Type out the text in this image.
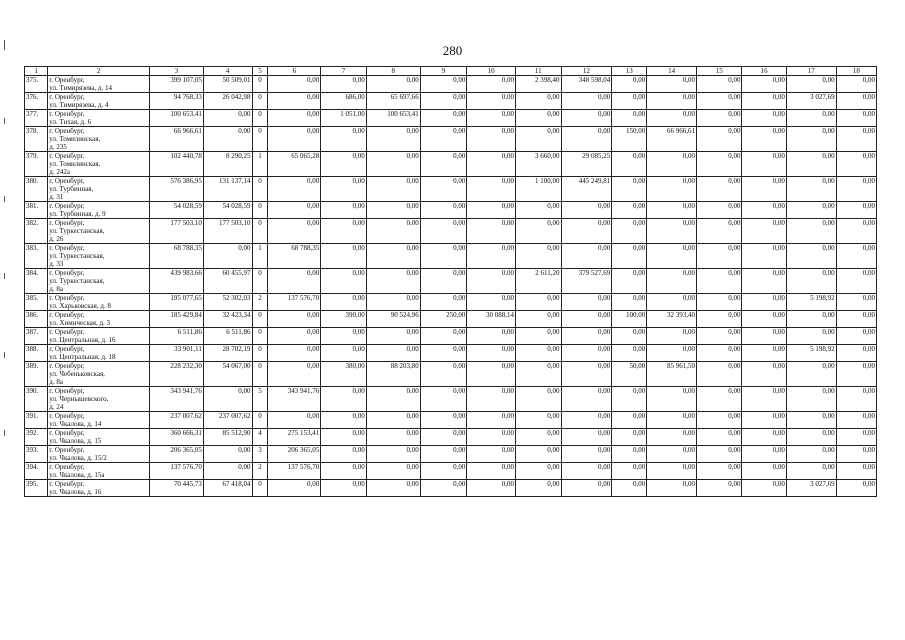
280
1	2	3	4	5	6	7	8	9	10	11	12	13	14	15	16	17	18
375.	г. Оренбург,
ул. Тимирязева, д. 14	399 107,05	50 509,01	0	0,00	0,00	0,00	0,00	0,00	2 398,40	348 598,04	0,00	0,00	0,00	0,00	0,00	0,00
376.	г. Оренбург,
ул. Тимирязева, д. 4	94 768,33	26 042,98	0	0,00	686,00	65 697,66	0,00	0,00	0,00	0,00	0,00	0,00	0,00	0,00	3 027,69	0,00
377.	г. Оренбург,
ул. Тихая, д. 6	100 653,41	0,00	0	0,00	1 051,00	100 653,41	0,00	0,00	0,00	0,00	0,00	0,00	0,00	0,00	0,00	0,00
378.	г. Оренбург,
ул. Томилинская,
д. 235	66 966,61	0,00	0	0,00	0,00	0,00	0,00	0,00	0,00	0,00	150,00	66 966,61	0,00	0,00	0,00	0,00
379.	г. Оренбург,
ул. Томилинская,
д. 242а	102 440,78	8 290,25	1	65 065,28	0,00	0,00	0,00	0,00	3 660,00	29 085,25	0,00	0,00	0,00	0,00	0,00	0,00
380.	г. Оренбург,
ул. Турбинная,
д. 31	576 386,95	131 137,14	0	0,00	0,00	0,00	0,00	0,00	1 100,00	445 249,81	0,00	0,00	0,00	0,00	0,00	0,00
381.	г. Оренбург,
ул. Турбинная, д. 9	54 028,59	54 028,59	0	0,00	0,00	0,00	0,00	0,00	0,00	0,00	0,00	0,00	0,00	0,00	0,00	0,00
382.	г. Оренбург,
ул. Туркестанская,
д. 26	177 503,10	177 503,10	0	0,00	0,00	0,00	0,00	0,00	0,00	0,00	0,00	0,00	0,00	0,00	0,00	0,00
383.	г. Оренбург,
ул. Туркестанская,
д. 33	68 788,35	0,00	1	68 788,35	0,00	0,00	0,00	0,00	0,00	0,00	0,00	0,00	0,00	0,00	0,00	0,00
384.	г. Оренбург,
ул. Туркестанская,
д. 8а	439 983,66	60 455,97	0	0,00	0,00	0,00	0,00	0,00	2 611,20	379 527,69	0,00	0,00	0,00	0,00	0,00	0,00
385.	г. Оренбург,
ул. Харьковская, д. 8	195 077,65	52 302,03	2	137 576,70	0,00	0,00	0,00	0,00	0,00	0,00	0,00	0,00	0,00	0,00	5 198,92	0,00
386.	г. Оренбург,
ул. Химическая, д. 3	185 429,84	32 423,34	0	0,00	390,00	90 524,96	250,00	30 088,14	0,00	0,00	100,00	32 393,40	0,00	0,00	0,00	0,00
387.	г. Оренбург,
ул. Центральная, д. 16	6 511,86	6 511,86	0	0,00	0,00	0,00	0,00	0,00	0,00	0,00	0,00	0,00	0,00	0,00	0,00	0,00
388.	г. Оренбург,
ул. Центральная, д. 18	33 901,11	28 702,19	0	0,00	0,00	0,00	0,00	0,00	0,00	0,00	0,00	0,00	0,00	0,00	5 198,92	0,00
389.	г. Оренбург,
ул. Чебеньковская,
д. 8а	228 232,30	54 067,00	0	0,00	380,00	88 203,80	0,00	0,00	0,00	0,00	50,00	85 961,50	0,00	0,00	0,00	0,00
390.	г. Оренбург,
ул. Чернышевского,
д. 24	343 941,76	0,00	5	343 941,76	0,00	0,00	0,00	0,00	0,00	0,00	0,00	0,00	0,00	0,00	0,00	0,00
391.	г. Оренбург,
ул. Чкалова, д. 14	237 007,62	237 007,62	0	0,00	0,00	0,00	0,00	0,00	0,00	0,00	0,00	0,00	0,00	0,00	0,00	0,00
392.	г. Оренбург,
ул. Чкалова, д. 15	360 666,31	85 512,90	4	275 153,41	0,00	0,00	0,00	0,00	0,00	0,00	0,00	0,00	0,00	0,00	0,00	0,00
393.	г. Оренбург,
ул. Чкалова, д. 15/2	206 365,05	0,00	3	206 365,05	0,00	0,00	0,00	0,00	0,00	0,00	0,00	0,00	0,00	0,00	0,00	0,00
394.	г. Оренбург,
ул. Чкалова, д. 15а	137 576,70	0,00	2	137 576,70	0,00	0,00	0,00	0,00	0,00	0,00	0,00	0,00	0,00	0,00	0,00	0,00
395.	г. Оренбург,
ул. Чкалова, д. 16	70 445,73	67 418,04	0	0,00	0,00	0,00	0,00	0,00	0,00	0,00	0,00	0,00	0,00	0,00	3 027,69	0,00
